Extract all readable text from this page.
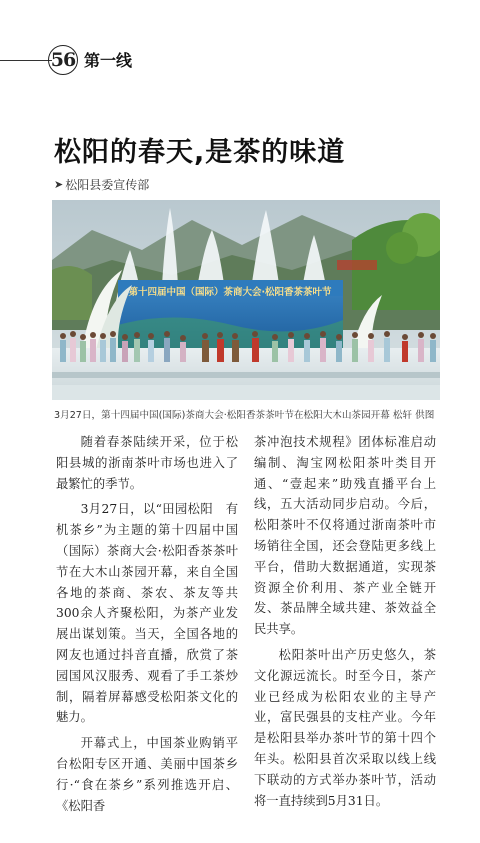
56 第一线
松阳的春天,是茶的味道
➤ 松阳县委宣传部
第十四届中国（国际）茶商大会·松阳香茶茶叶节
3月27日，第十四届中国(国际)茶商大会·松阳香茶茶叶节在松阳大木山茶园开幕 松轩 供图

随着春茶陆续开采，位于松阳县城的浙南茶叶市场也进入了最繁忙的季节。

3月27日，以“田园松阳　有机茶乡”为主题的第十四届中国（国际）茶商大会·松阳香茶茶叶节在大木山茶园开幕，来自全国各地的茶商、茶农、茶友等共300余人齐聚松阳，为茶产业发展出谋划策。当天，全国各地的网友也通过抖音直播，欣赏了茶园国风汉服秀、观看了手工茶炒制，隔着屏幕感受松阳茶文化的魅力。

开幕式上，中国茶业购销平台松阳专区开通、美丽中国茶乡行·“食在茶乡”系列推选开启、《松阳香

茶冲泡技术规程》团体标准启动编制、淘宝网松阳茶叶类目开通、“壹起来”助残直播平台上线，五大活动同步启动。今后，松阳茶叶不仅将通过浙南茶叶市场销往全国，还会登陆更多线上平台，借助大数据通道，实现茶资源全价利用、茶产业全链开发、茶品牌全域共建、茶效益全民共享。

松阳茶叶出产历史悠久，茶文化源远流长。时至今日，茶产业已经成为松阳农业的主导产业，富民强县的支柱产业。今年是松阳县举办茶叶节的第十四个年头。松阳县首次采取以线上线下联动的方式举办茶叶节，活动将一直持续到5月31日。
